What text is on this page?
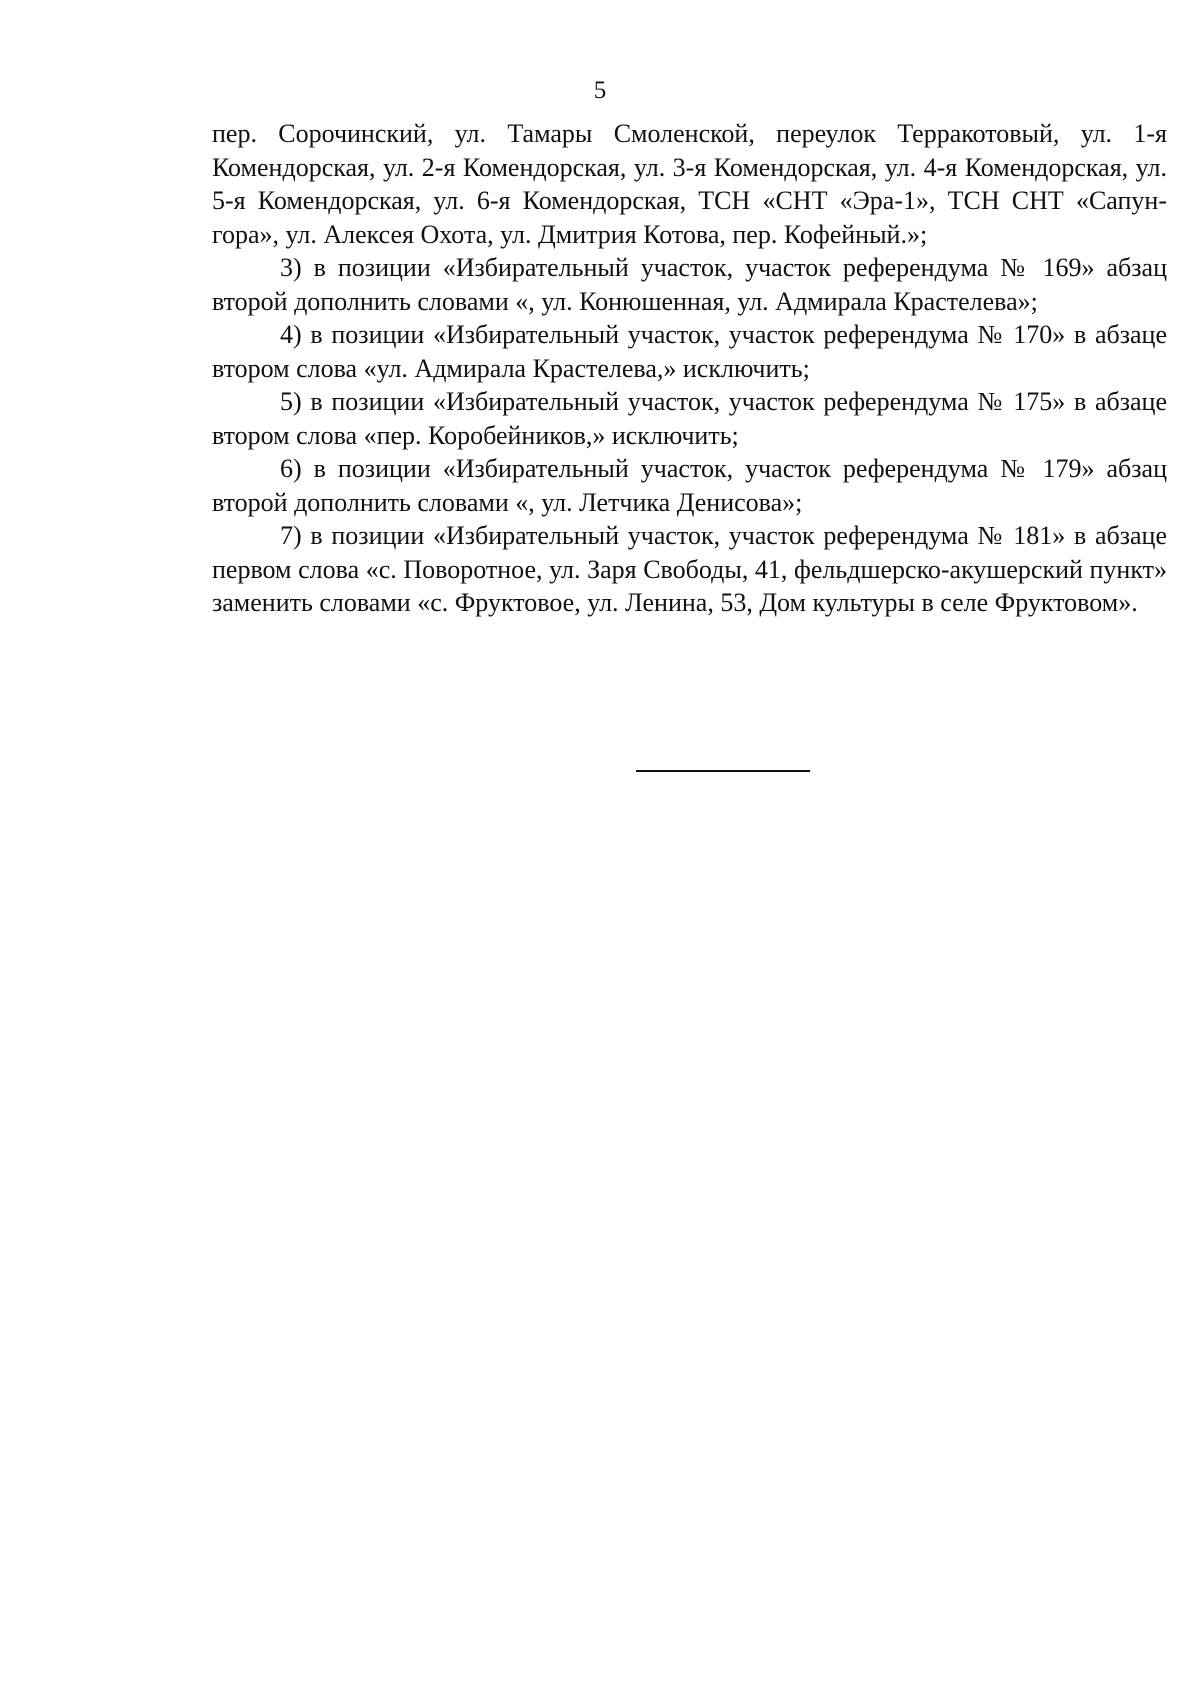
5

пер. Сорочинский, ул. Тамары Смоленской, переулок Терракотовый, ул. 1-я Комендорская, ул. 2-я Комендорская, ул. 3-я Комендорская, ул. 4-я Комендорская, ул. 5-я Комендорская, ул. 6-я Комендорская, ТСН «СНТ «Эра-1», ТСН СНТ «Сапун-гора», ул. Алексея Охота, ул. Дмитрия Котова, пер. Кофейный.»;

3) в позиции «Избирательный участок, участок референдума № 169» абзац второй дополнить словами «, ул. Конюшенная, ул. Адмирала Крастелева»;

4) в позиции «Избирательный участок, участок референдума № 170» в абзаце втором слова «ул. Адмирала Крастелева,» исключить;

5) в позиции «Избирательный участок, участок референдума № 175» в абзаце втором слова «пер. Коробейников,» исключить;

6) в позиции «Избирательный участок, участок референдума № 179» абзац второй дополнить словами «, ул. Летчика Денисова»;

7) в позиции «Избирательный участок, участок референдума № 181» в абзаце первом слова «с. Поворотное, ул. Заря Свободы, 41, фельдшерско-акушерский пункт» заменить словами «с. Фруктовое, ул. Ленина, 53, Дом культуры в селе Фруктовом».
